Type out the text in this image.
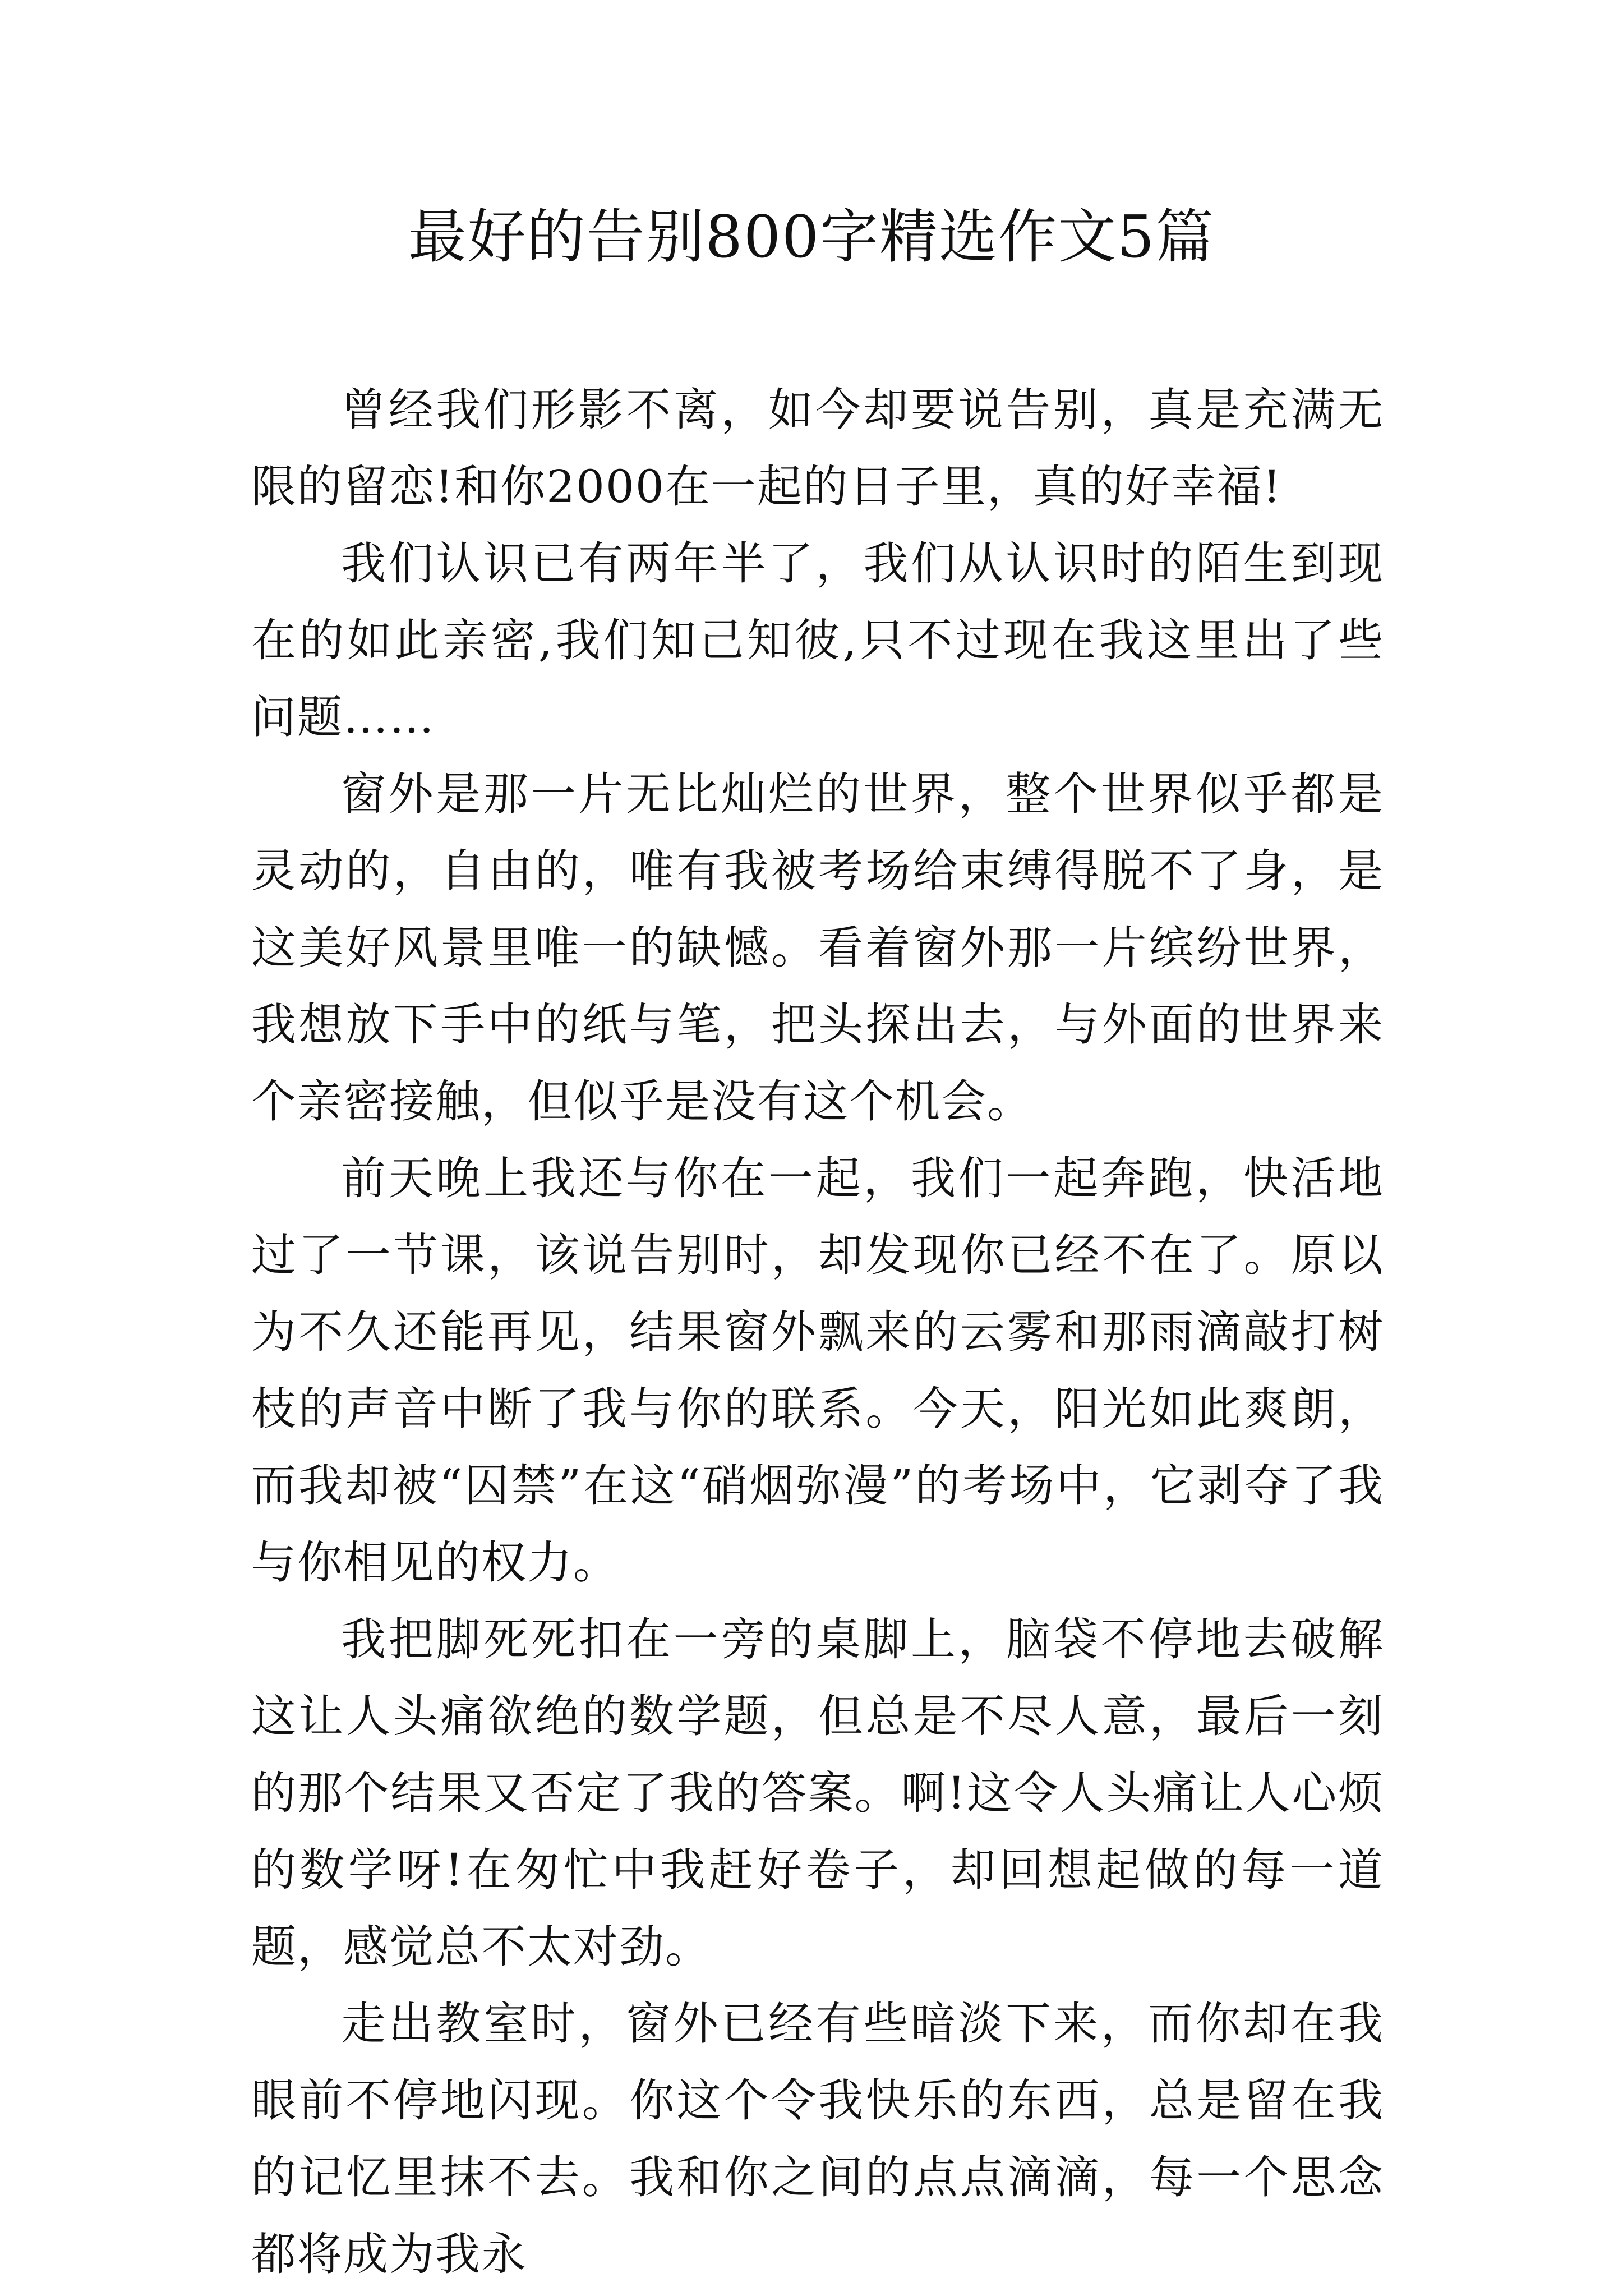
最好的告别800字精选作文5篇

曾经我们形影不离，如今却要说告别，真是充满无限的留恋!和你2000在一起的日子里，真的好幸福!

我们认识已有两年半了，我们从认识时的陌生到现在的如此亲密,我们知己知彼,只不过现在我这里出了些问题……

窗外是那一片无比灿烂的世界，整个世界似乎都是灵动的，自由的，唯有我被考场给束缚得脱不了身，是这美好风景里唯一的缺憾。看着窗外那一片缤纷世界，我想放下手中的纸与笔，把头探出去，与外面的世界来个亲密接触，但似乎是没有这个机会。

前天晚上我还与你在一起，我们一起奔跑，快活地过了一节课，该说告别时，却发现你已经不在了。原以为不久还能再见，结果窗外飘来的云雾和那雨滴敲打树枝的声音中断了我与你的联系。今天，阳光如此爽朗，而我却被“囚禁”在这“硝烟弥漫”的考场中，它剥夺了我与你相见的权力。

我把脚死死扣在一旁的桌脚上，脑袋不停地去破解这让人头痛欲绝的数学题，但总是不尽人意，最后一刻的那个结果又否定了我的答案。啊!这令人头痛让人心烦的数学呀!在匆忙中我赶好卷子，却回想起做的每一道题，感觉总不太对劲。

走出教室时，窗外已经有些暗淡下来，而你却在我眼前不停地闪现。你这个令我快乐的东西，总是留在我的记忆里抹不去。我和你之间的点点滴滴，每一个思念都将成为我永
